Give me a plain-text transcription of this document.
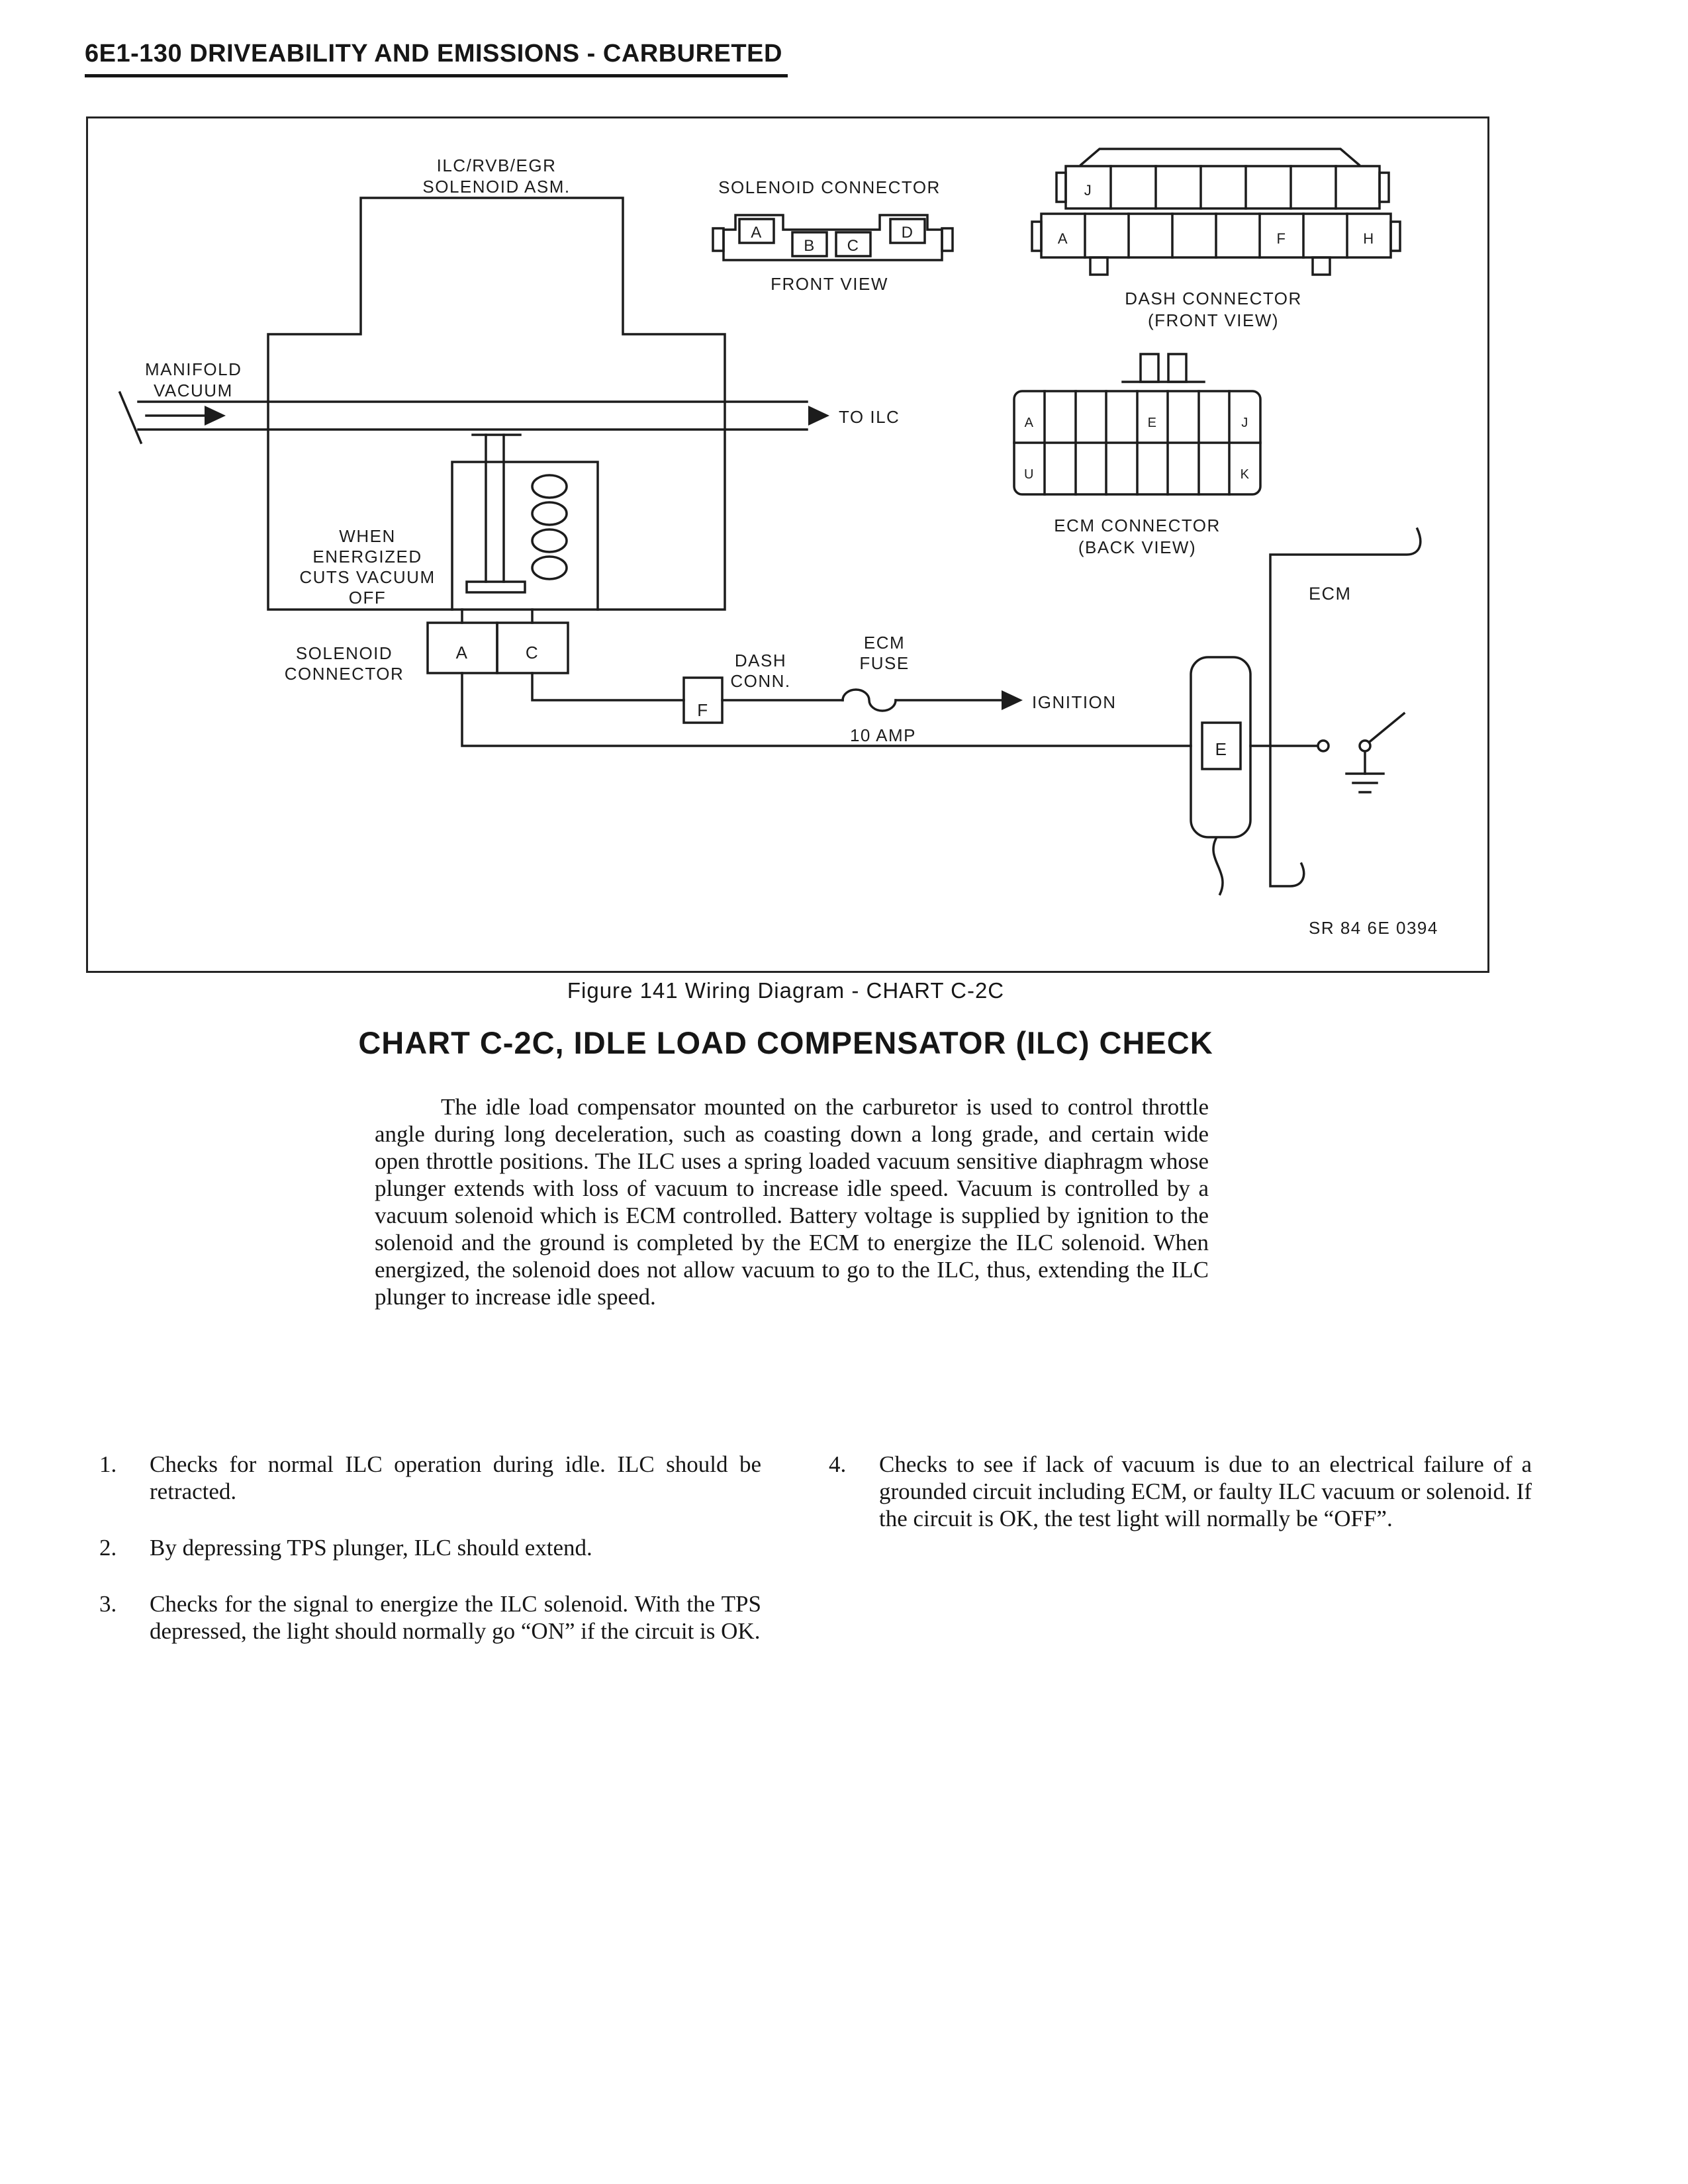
6E1-130 DRIVEABILITY AND EMISSIONS - CARBURETED
ILC/RVB/EGR
SOLENOID ASM.
TO ILC
MANIFOLD
VACUUM
WHEN
ENERGIZED
CUTS VACUUM
OFF
A	C
SOLENOID
CONNECTOR
IGNITION
F
DASH
CONN.
ECM
FUSE
10 AMP
E
ECM
SR 84 6E 0394
SOLENOID CONNECTOR
A
B C
D
FRONT VIEW
J
A	F	H
DASH CONNECTOR
(FRONT VIEW)
A	E	J
U	K
ECM CONNECTOR
(BACK VIEW)
Figure 141 Wiring Diagram - CHART C-2C
CHART C-2C, IDLE LOAD COMPENSATOR (ILC) CHECK
The idle load compensator mounted on the carburetor is used to control throttle angle during long deceleration, such as coasting down a long grade, and certain wide open throttle positions. The ILC uses a spring loaded vacuum sensitive diaphragm whose plunger extends with loss of vacuum to increase idle speed. Vacuum is controlled by a vacuum solenoid which is ECM controlled. Battery voltage is supplied by ignition to the solenoid and the ground is completed by the ECM to energize the ILC solenoid. When energized, the solenoid does not allow vacuum to go to the ILC, thus, extending the ILC plunger to increase idle speed.
1.	Checks for normal ILC operation during idle. ILC should be retracted.
2.	By depressing TPS plunger, ILC should extend.
3.	Checks for the signal to energize the ILC solenoid. With the TPS depressed, the light should normally go “ON” if the circuit is OK.
4.	Checks to see if lack of vacuum is due to an electrical failure of a grounded circuit including ECM, or faulty ILC vacuum or solenoid. If the circuit is OK, the test light will normally be “OFF”.
